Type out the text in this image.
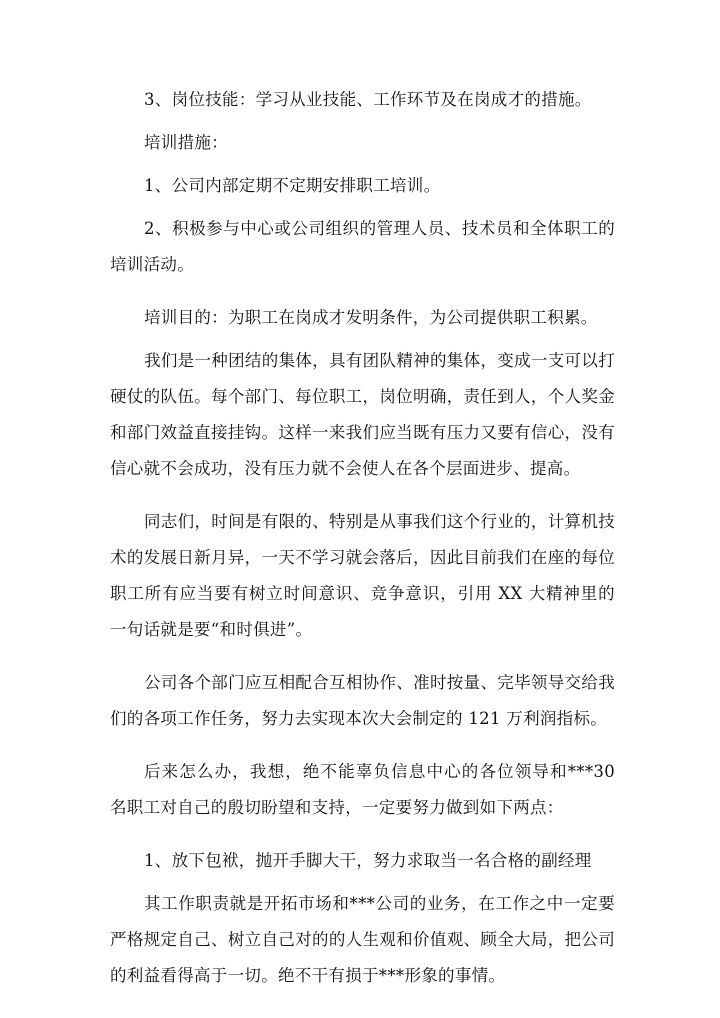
3、岗位技能：学习从业技能、工作环节及在岗成才的措施。

培训措施：

1、公司内部定期不定期安排职工培训。

2、积极参与中心或公司组织的管理人员、技术员和全体职工的培训活动。

培训目的：为职工在岗成才发明条件，为公司提供职工积累。

我们是一种团结的集体，具有团队精神的集体，变成一支可以打硬仗的队伍。每个部门、每位职工，岗位明确，责任到人，个人奖金和部门效益直接挂钩。这样一来我们应当既有压力又要有信心，没有信心就不会成功，没有压力就不会使人在各个层面进步、提高。

同志们，时间是有限的、特别是从事我们这个行业的，计算机技术的发展日新月异，一天不学习就会落后，因此目前我们在座的每位职工所有应当要有树立时间意识、竞争意识，引用 XX 大精神里的一句话就是要“和时俱进”。

公司各个部门应互相配合互相协作、准时按量、完毕领导交给我们的各项工作任务，努力去实现本次大会制定的 121 万利润指标。

后来怎么办，我想，绝不能辜负信息中心的各位领导和***30 名职工对自己的殷切盼望和支持，一定要努力做到如下两点：

1、放下包袱，抛开手脚大干，努力求取当一名合格的副经理

其工作职责就是开拓市场和***公司的业务，在工作之中一定要严格规定自己、树立自己对的的人生观和价值观、顾全大局，把公司的利益看得高于一切。绝不干有损于***形象的事情。
